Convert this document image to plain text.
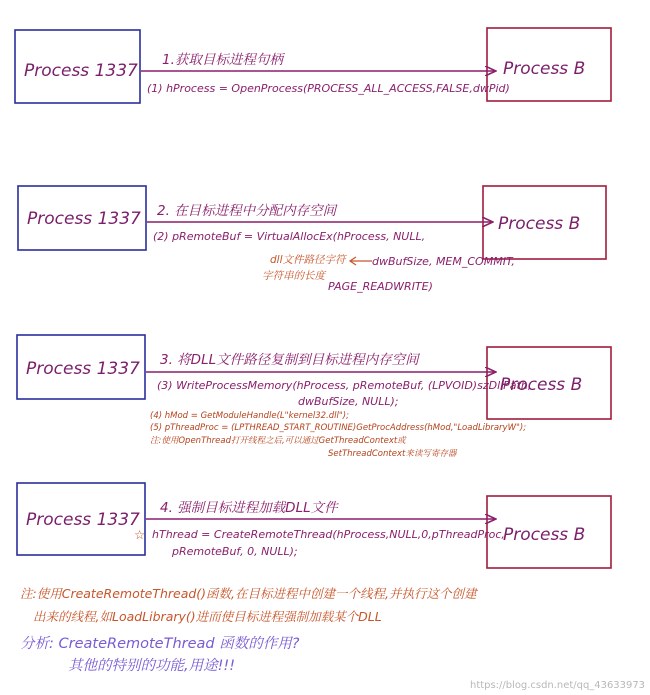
Process 1337	Process B
1.获取目标进程句柄
(1) hProcess = OpenProcess(PROCESS_ALL_ACCESS,FALSE,dwPid)
Process 1337	Process B
2. 在目标进程中分配内存空间
(2) pRemoteBuf = VirtualAllocEx(hProcess, NULL,
dwBufSize, MEM_COMMIT,
PAGE_READWRITE)
dll文件路径字符
字符串的长度
Process 1337
Process B
3. 将DLL文件路径复制到目标进程内存空间
(3) WriteProcessMemory(hProcess, pRemoteBuf, (LPVOID)szDllPath,
dwBufSize, NULL);
(4) hMod = GetModuleHandle(L"kernel32.dll");
(5) pThreadProc = (LPTHREAD_START_ROUTINE)GetProcAddress(hMod,"LoadLibraryW");
注:使用OpenThread打开线程之后,可以通过GetThreadContext或
SetThreadContext来读写寄存器
Process 1337
Process B
4. 强制目标进程加载DLL文件
☆ hThread = CreateRemoteThread(hProcess,NULL,0,pThreadProc,
pRemoteBuf, 0, NULL);
注:使用CreateRemoteThread()函数,在目标进程中创建一个线程,并执行这个创建
出来的线程,如LoadLibrary()进而使目标进程强制加载某个DLL
分析: CreateRemoteThread 函数的作用?
其他的特别的功能,用途!!!
https://blog.csdn.net/qq_43633973
